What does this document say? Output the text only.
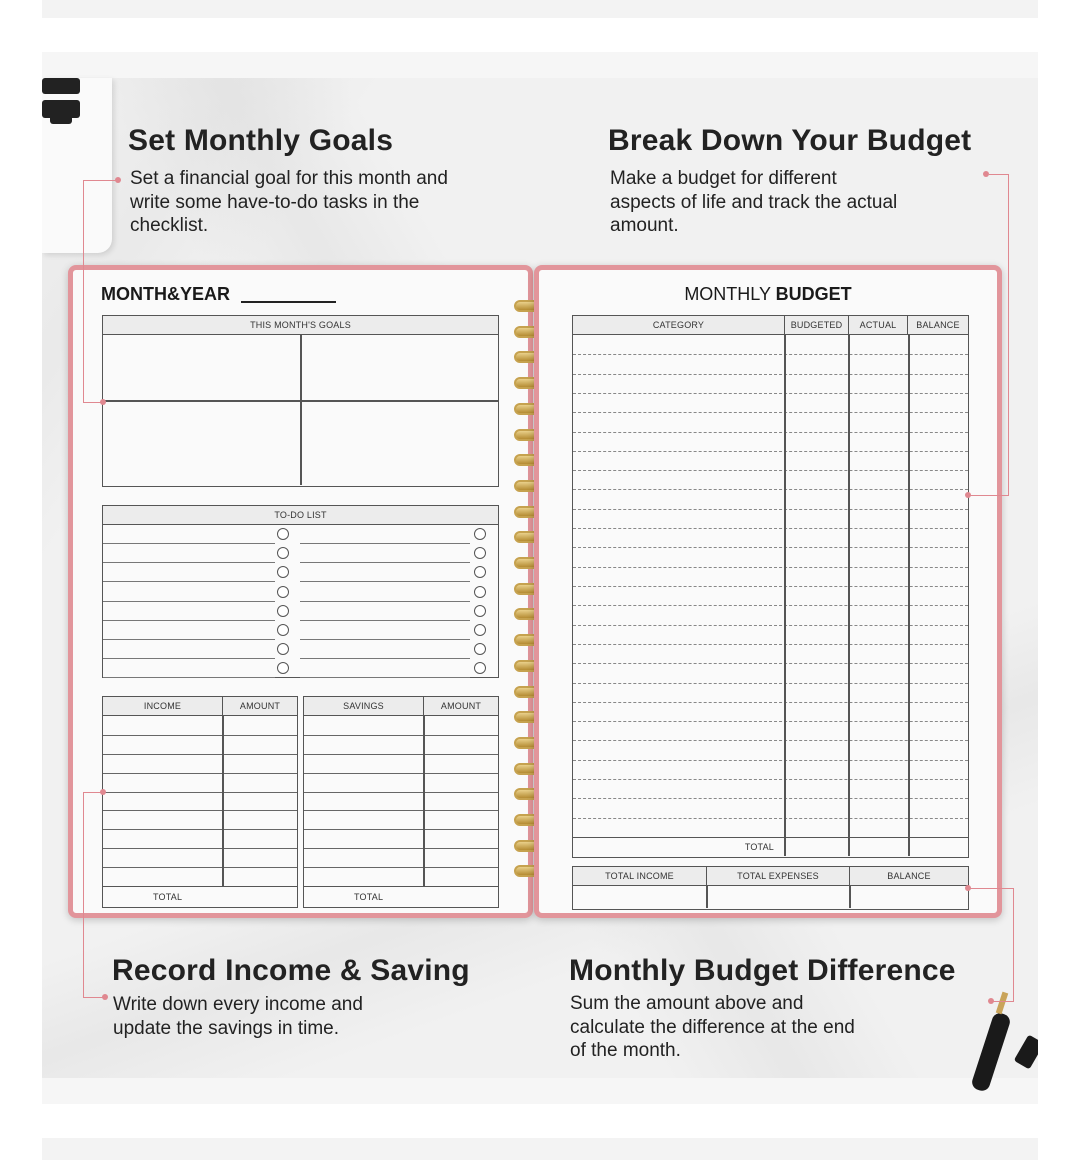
Set Monthly Goals
Set a financial goal for this month and
write some have-to-do tasks in the
checklist.
Break Down Your Budget
Make a budget for different
aspects of life and track the actual
amount.
Record Income & Saving
Write down every income and
update the savings in time.
Monthly Budget Difference
Sum the amount above and
calculate the difference at the end
of the month.
MONTH&YEAR
THIS MONTH'S GOALS
TO-DO LIST
INCOME	AMOUNT
TOTAL
SAVINGS	AMOUNT
TOTAL
MONTHLY BUDGET
CATEGORY	BUDGETED	ACTUAL	BALANCE
TOTAL
TOTAL INCOME	TOTAL EXPENSES	BALANCE
